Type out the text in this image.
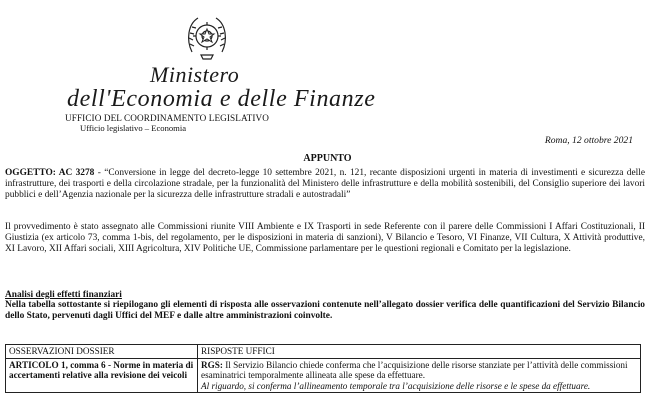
Ministero
dell'Economia e delle Finanze
UFFICIO DEL COORDINAMENTO LEGISLATIVO
Ufficio legislativo – Economia
Roma, 12 ottobre 2021
APPUNTO

OGGETTO: AC 3278 - “Conversione in legge del decreto-legge 10 settembre 2021, n. 121, recante disposizioni urgenti in materia di investimenti e sicurezza delle infrastrutture, dei trasporti e della circolazione stradale, per la funzionalità del Ministero delle infrastrutture e della mobilità sostenibili, del Consiglio superiore dei lavori pubblici e dell’Agenzia nazionale per la sicurezza delle infrastrutture stradali e autostradali”

Il provvedimento è stato assegnato alle Commissioni riunite VIII Ambiente e IX Trasporti in sede Referente con il parere delle Commissioni I Affari Costituzionali, II Giustizia (ex articolo 73, comma 1-bis, del regolamento, per le disposizioni in materia di sanzioni), V Bilancio e Tesoro, VI Finanze, VII Cultura, X Attività produttive, XI Lavoro, XII Affari sociali, XIII Agricoltura, XIV Politiche UE, Commissione parlamentare per le questioni regionali e Comitato per la legislazione.

Analisi degli effetti finanziari

Nella tabella sottostante si riepilogano gli elementi di risposta alle osservazioni contenute nell’allegato dossier verifica delle quantificazioni del Servizio Bilancio dello Stato, pervenuti dagli Uffici del MEF e dalle altre amministrazioni coinvolte.

OSSERVAZIONI DOSSIER	RISPOSTE UFFICI
ARTICOLO 1, comma 6 - Norme in materia di accertamenti relative alla revisione dei veicoli	RGS: Il Servizio Bilancio chiede conferma che l’acquisizione delle risorse stanziate per l’attività delle commissioni esaminatrici temporalmente allineata alle spese da effettuare.
Al riguardo, si conferma l’allineamento temporale tra l’acquisizione delle risorse e le spese da effettuare.
